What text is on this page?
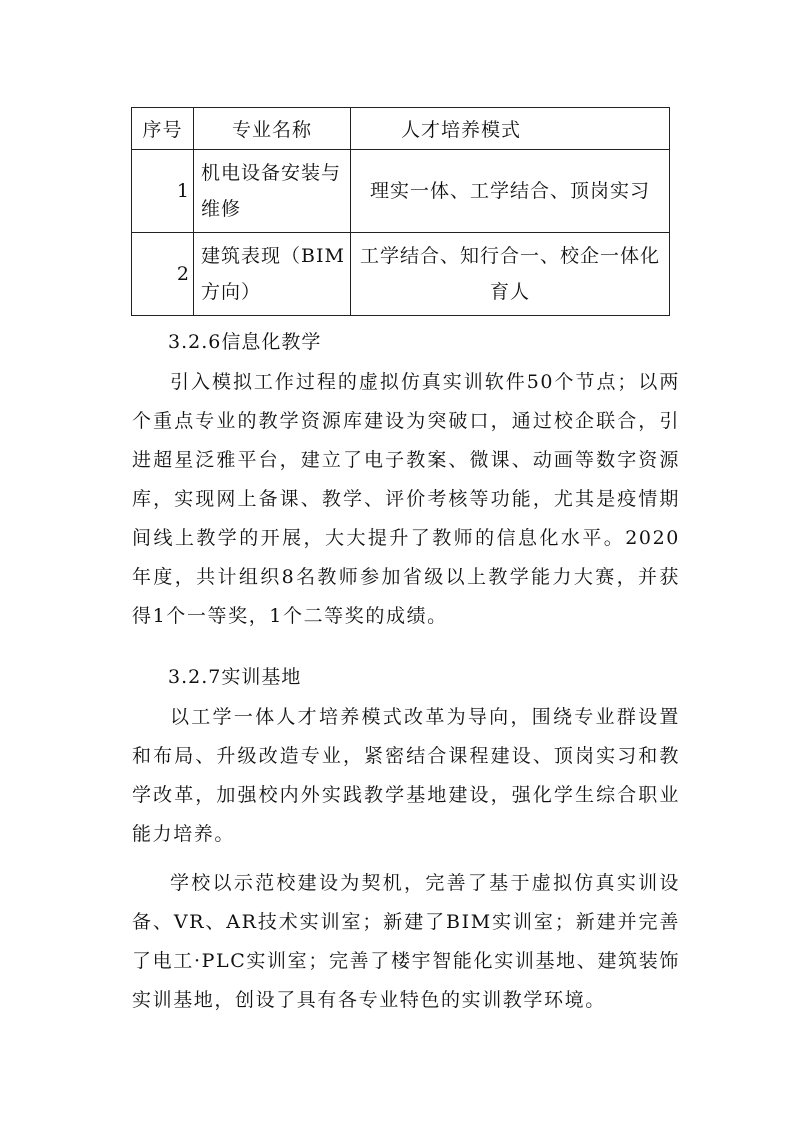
序号	专业名称	人才培养模式
1	机电设备安装与维修	理实一体、工学结合、顶岗实习
2	建筑表现（BIM方向）	工学结合、知行合一、校企一体化育人
3.2.6信息化教学
引入模拟工作过程的虚拟仿真实训软件50个节点；以两个重点专业的教学资源库建设为突破口，通过校企联合，引进超星泛雅平台，建立了电子教案、微课、动画等数字资源库，实现网上备课、教学、评价考核等功能，尤其是疫情期间线上教学的开展，大大提升了教师的信息化水平。2020年度，共计组织8名教师参加省级以上教学能力大赛，并获得1个一等奖，1个二等奖的成绩。
3.2.7实训基地
以工学一体人才培养模式改革为导向，围绕专业群设置和布局、升级改造专业，紧密结合课程建设、顶岗实习和教学改革，加强校内外实践教学基地建设，强化学生综合职业能力培养。
学校以示范校建设为契机，完善了基于虚拟仿真实训设备、VR、AR技术实训室；新建了BIM实训室；新建并完善了电工·PLC实训室；完善了楼宇智能化实训基地、建筑装饰实训基地，创设了具有各专业特色的实训教学环境。
